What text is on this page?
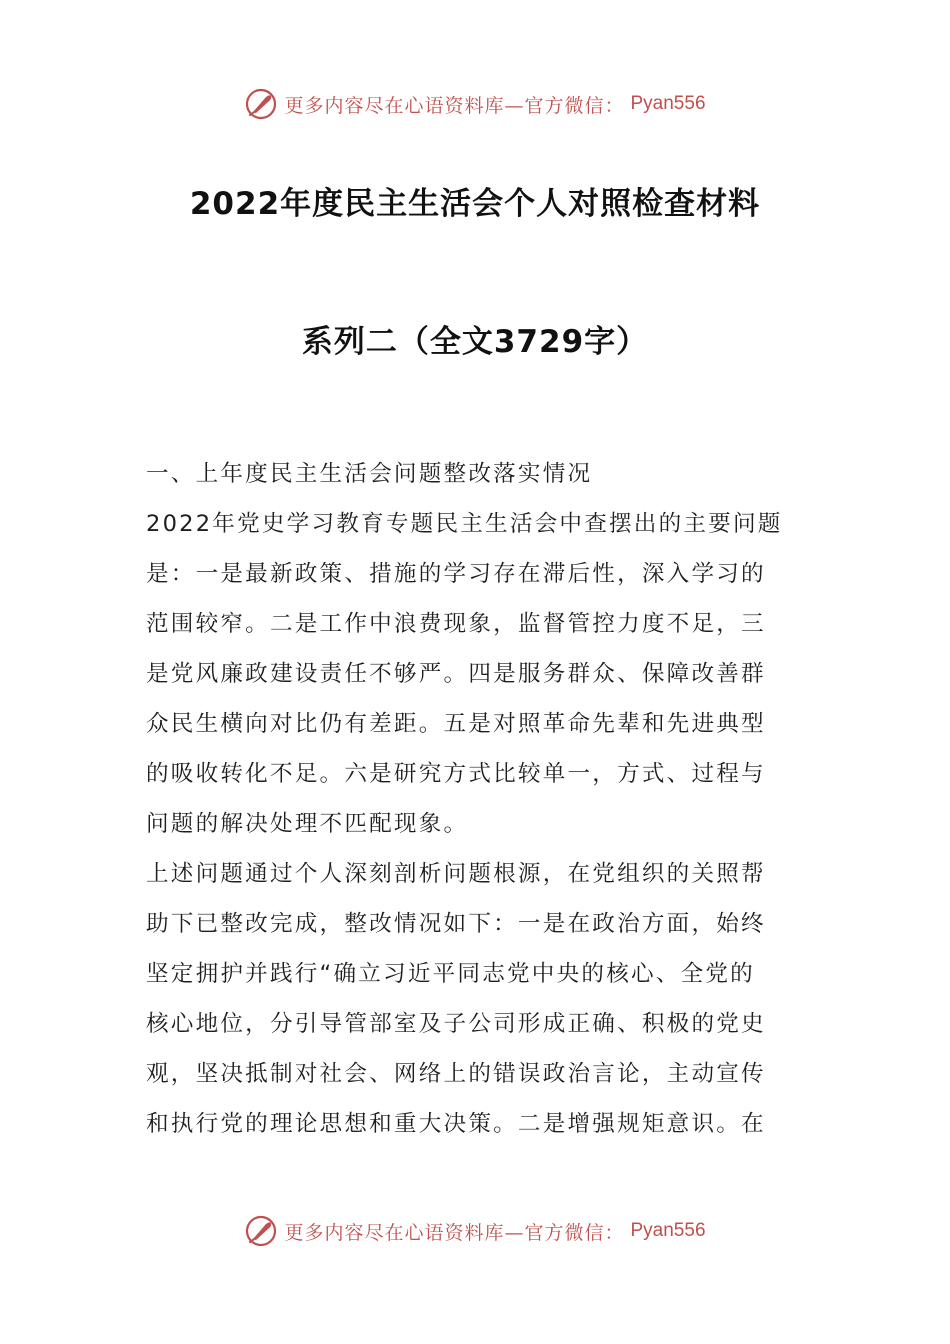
更多内容尽在心语资料库—官方微信： Pyan556
2022年度民主生活会个人对照检查材料
系列二（全文3729字）
一、上年度民主生活会问题整改落实情况
2022年党史学习教育专题民主生活会中查摆出的主要问题
是：一是最新政策、措施的学习存在滞后性，深入学习的
范围较窄。二是工作中浪费现象，监督管控力度不足，三
是党风廉政建设责任不够严。四是服务群众、保障改善群
众民生横向对比仍有差距。五是对照革命先辈和先进典型
的吸收转化不足。六是研究方式比较单一，方式、过程与
问题的解决处理不匹配现象。
上述问题通过个人深刻剖析问题根源，在党组织的关照帮
助下已整改完成，整改情况如下：一是在政治方面，始终
坚定拥护并践行“确立习近平同志党中央的核心、全党的
核心地位，分引导管部室及子公司形成正确、积极的党史
观，坚决抵制对社会、网络上的错误政治言论，主动宣传
和执行党的理论思想和重大决策。二是增强规矩意识。在
更多内容尽在心语资料库—官方微信： Pyan556
